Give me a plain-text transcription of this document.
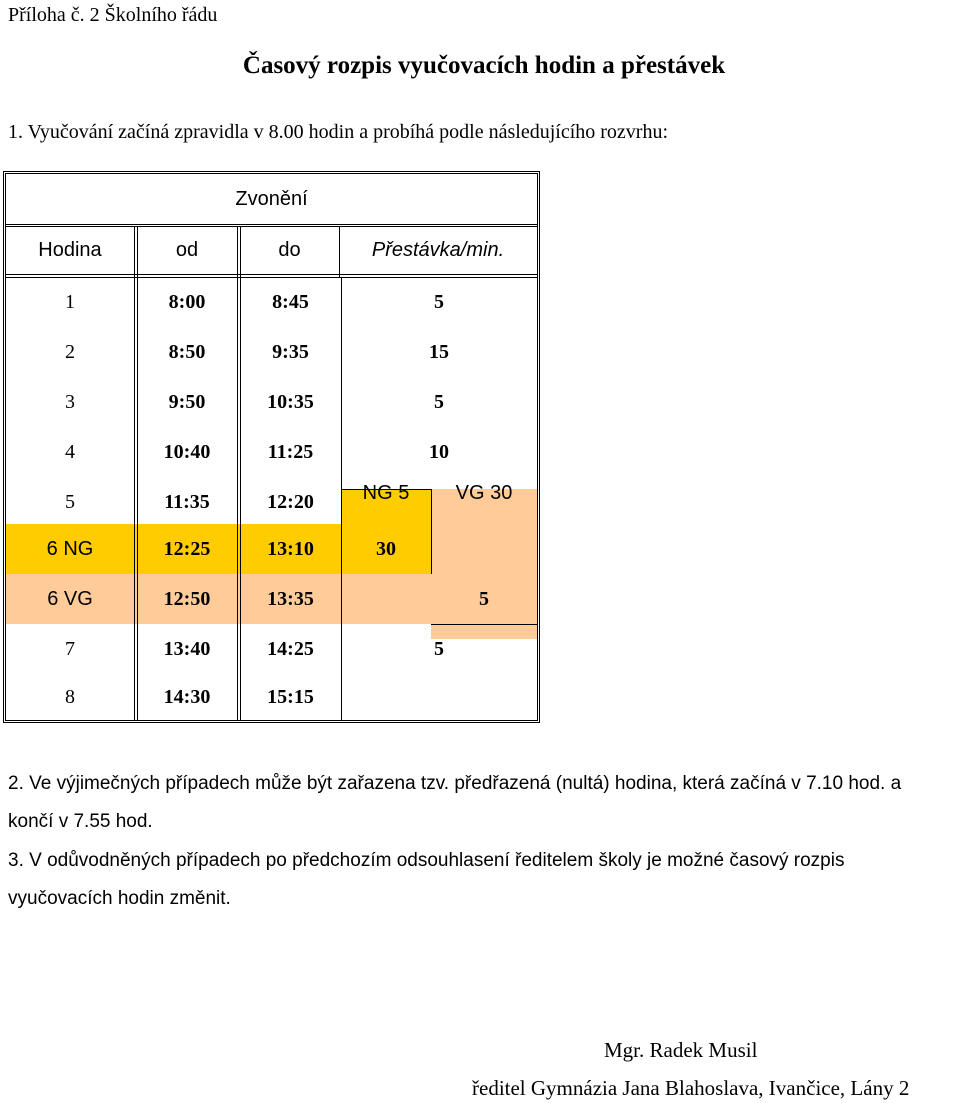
Příloha č. 2 Školního řádu
Časový rozpis vyučovacích hodin a přestávek
1. Vyučování začíná zpravidla v 8.00 hodin a probíhá podle následujícího rozvrhu:
Zvonění
Hodina	od	do	Přestávka/min.
1	8:00	8:45	5
2	8:50	9:35	15
3	9:50	10:35	5
4	10:40	11:25	10
5	11:35	12:20	NG 5	VG 30
6 NG	12:25	13:10	30
6 VG	12:50	13:35	5
7	13:40	14:25	5
8	14:30	15:15
2. Ve výjimečných případech může být zařazena tzv. předřazená (nultá) hodina, která začíná v 7.10 hod. a
končí v 7.55 hod.
3. V odůvodněných případech po předchozím odsouhlasení ředitelem školy je možné časový rozpis
vyučovacích hodin změnit.
Mgr. Radek Musil
ředitel Gymnázia Jana Blahoslava, Ivančice, Lány 2
